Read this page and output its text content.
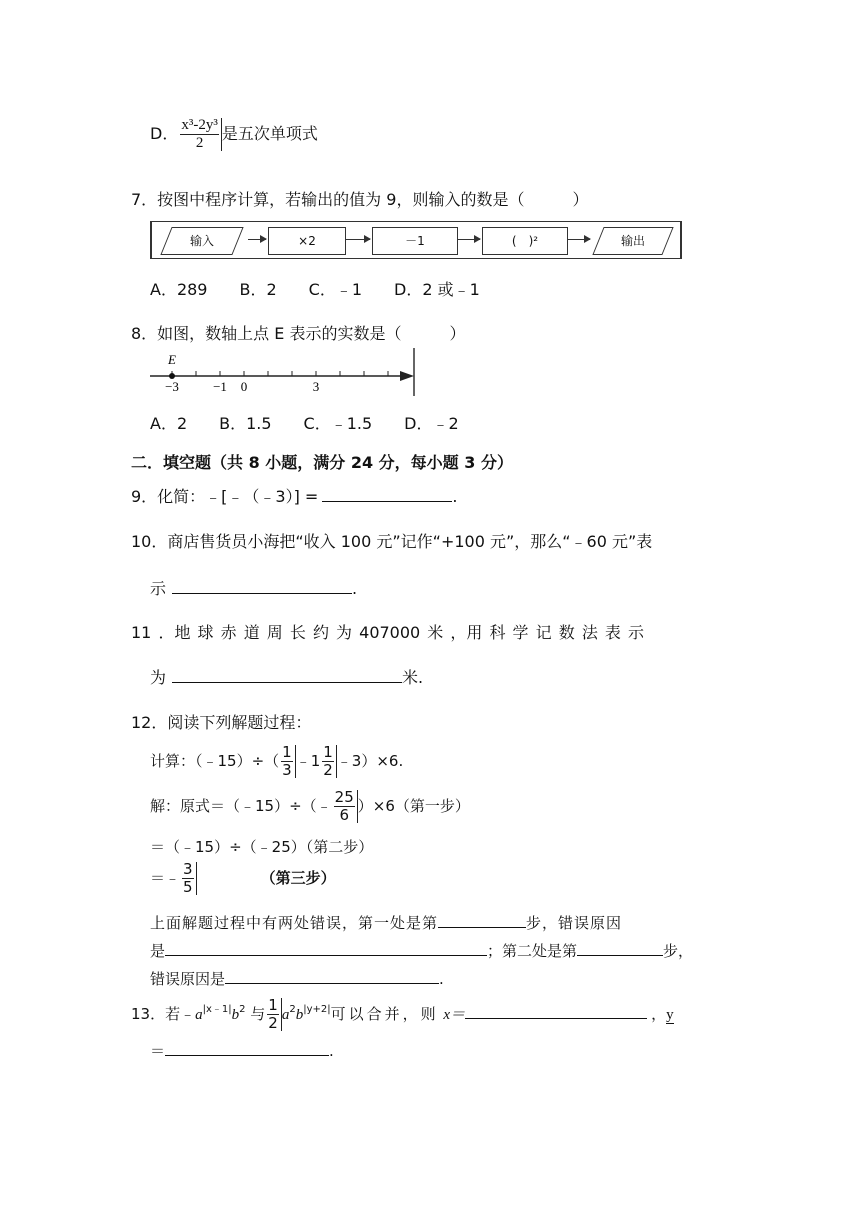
D． $\frac{\text{x³-2y³}}{2}$ 是五次单项式
7．按图中程序计算，若输出的值为 9，则输入的数是（　　　）
输入	×2	－1	(　)²	输出
A．289　　B．2　　C．﹣1　　D．2 或﹣1
8．如图，数轴上点 E 表示的实数是（　　　）
E
−3	−1 0	3
A．2　　B．1.5　　C．﹣1.5　　D．﹣2
二．填空题（共 8 小题，满分 24 分，每小题 3 分）
9．化简：﹣[﹣（﹣3）] =	.
10．商店售货员小海把“收入 100 元”记作“+100 元”，那么“﹣60 元”表
示	.
11 ．地 球 赤 道 周 长 约 为 407000 米 ，用 科 学 记 数 法 表 示
为	米.
12．阅读下列解题过程：
计算：（﹣15）÷（ $\frac{1}{3}$ ﹣1 $\frac{1}{2}$ ﹣3）×6.
解：原式＝（﹣15）÷（﹣ $\frac{25}{6} )\times 6$（第一步）
＝（﹣15）÷（﹣25）（第二步）
＝﹣ $\frac{3}{5}$	（第三步）
上面解题过程中有两处错误，第一处是第	步，错误原因
是	；第二处是第	步，
错误原因是	.
13．若$﹣a^{|x﹣1|}b^2$ 与 $\frac{1}{2} a^2b^{|y+2|}$可以合并，则 x＝	，y
＝	.
